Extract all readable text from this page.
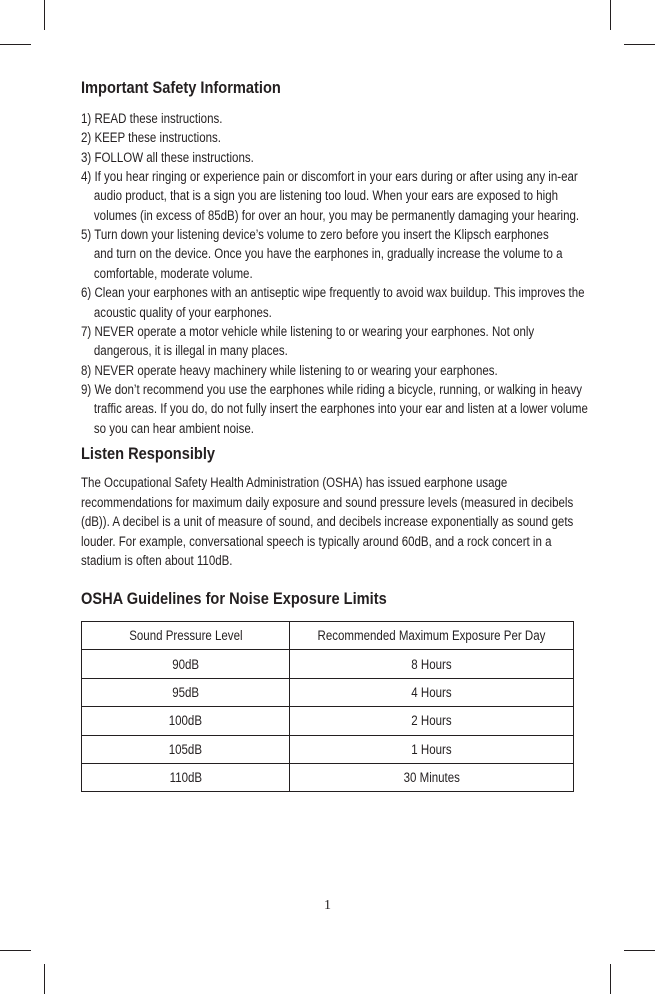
Important Safety Information
Listen Responsibly
OSHA Guidelines for Noise Exposure Limits
1) READ these instructions.
2) KEEP these instructions.
3) FOLLOW all these instructions.
4) If you hear ringing or experience pain or discomfort in your ears during or after using any in-ear
audio product, that is a sign you are listening too loud. When your ears are exposed to high
volumes (in excess of 85dB) for over an hour, you may be permanently damaging your hearing.
5) Turn down your listening device’s volume to zero before you insert the Klipsch earphones
and turn on the device. Once you have the earphones in, gradually increase the volume to a
comfortable, moderate volume.
6) Clean your earphones with an antiseptic wipe frequently to avoid wax buildup. This improves the
acoustic quality of your earphones.
7) NEVER operate a motor vehicle while listening to or wearing your earphones. Not only
dangerous, it is illegal in many places.
8) NEVER operate heavy machinery while listening to or wearing your earphones.
9) We don’t recommend you use the earphones while riding a bicycle, running, or walking in heavy
traffic areas. If you do, do not fully insert the earphones into your ear and listen at a lower volume
so you can hear ambient noise.
The Occupational Safety Health Administration (OSHA) has issued earphone usage
recommendations for maximum daily exposure and sound pressure levels (measured in decibels
(dB)). A decibel is a unit of measure of sound, and decibels increase exponentially as sound gets
louder. For example, conversational speech is typically around 60dB, and a rock concert in a
stadium is often about 110dB.
Sound Pressure Level	Recommended Maximum Exposure Per Day
90dB	8 Hours
95dB	4 Hours
100dB	2 Hours
105dB	1 Hours
110dB	30 Minutes
1
